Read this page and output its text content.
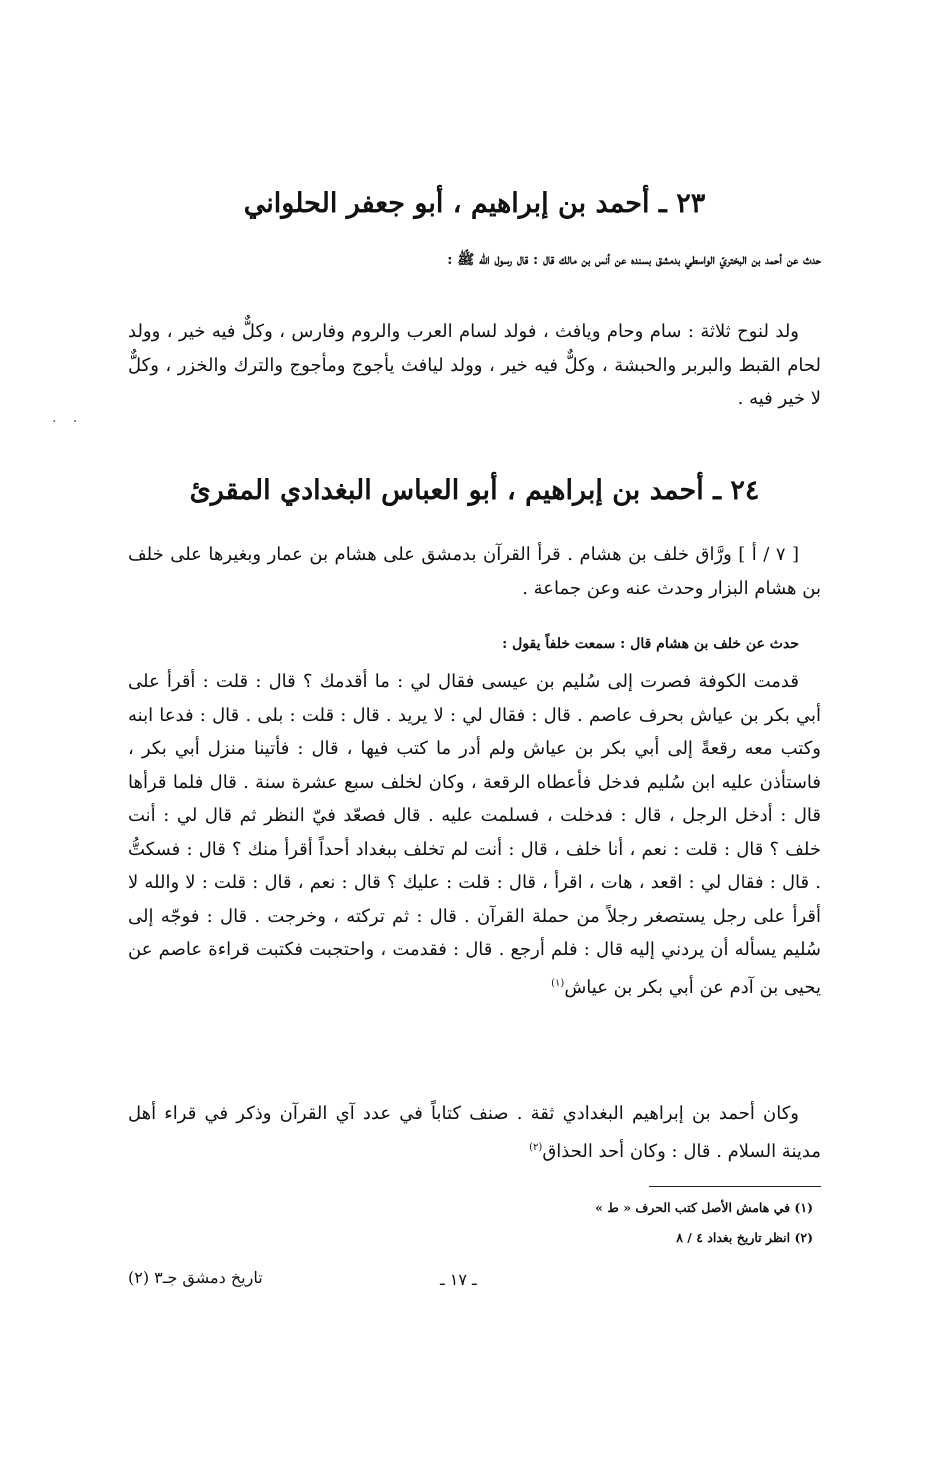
. .
٢٣ ـ أحمد بن إبراهيم ، أبو جعفر الحلواني
حدث عن أحمد بن البختريّ الواسطي بدمشق بسنده عن أنس بن مالك قال : قال رسول الله ﷺ :
ولد لنوح ثلاثة : سام وحام ويافث ، فولد لسام العرب والروم وفارس ، وكلٌّ فيه خير ، وولد لحام القبط والبربر والحبشة ، وكلٌّ فيه خير ، وولد ليافث يأجوج ومأجوج والترك والخزر ، وكلٌّ لا خير فيه .
٢٤ ـ أحمد بن إبراهيم ، أبو العباس البغدادي المقرئ
[ ٧ / أ ] ورَّاق خلف بن هشام . قرأ القرآن بدمشق على هشام بن عمار وبغيرها على خلف بن هشام البزار وحدث عنه وعن جماعة .
حدث عن خلف بن هشام قال : سمعت خلفاً يقول :
قدمت الكوفة فصرت إلى سُليم بن عيسى فقال لي : ما أقدمك ؟ قال : قلت : أقرأ على أبي بكر بن عياش بحرف عاصم . قال : فقال لي : لا يريد . قال : قلت : بلى . قال : فدعا ابنه وكتب معه رقعةً إلى أبي بكر بن عياش ولم أدر ما كتب فيها ، قال : فأتينا منزل أبي بكر ، فاستأذن عليه ابن سُليم فدخل فأعطاه الرقعة ، وكان لخلف سبع عشرة سنة . قال فلما قرأها قال : أدخل الرجل ، قال : فدخلت ، فسلمت عليه . قال فصعّد فيّ النظر ثم قال لي : أنت خلف ؟ قال : قلت : نعم ، أنا خلف ، قال : أنت لم تخلف ببغداد أحداً أقرأ منك ؟ قال : فسكتُّ . قال : فقال لي : اقعد ، هات ، اقرأ ، قال : قلت : عليك ؟ قال : نعم ، قال : قلت : لا والله لا أقرأ على رجل يستصغر رجلاً من حملة القرآن . قال : ثم تركته ، وخرجت . قال : فوجّه إلى سُليم يسأله أن يردني إليه قال : فلم أرجع . قال : فقدمت ، واحتجبت فكتبت قراءة عاصم عن يحيى بن آدم عن أبي بكر بن عياش$^{(١)}$
وكان أحمد بن إبراهيم البغدادي ثقة . صنف كتاباً في عدد آي القرآن وذكر في قراء أهل مدينة السلام . قال : وكان أحد الحذاق$^{(٢)}$
(١) في هامش الأصل كتب الحرف « ط »
(٢) انظر تاريخ بغداد ٤ / ٨
ـ ١٧ ـ
تاريخ دمشق جـ٣ (٢)
